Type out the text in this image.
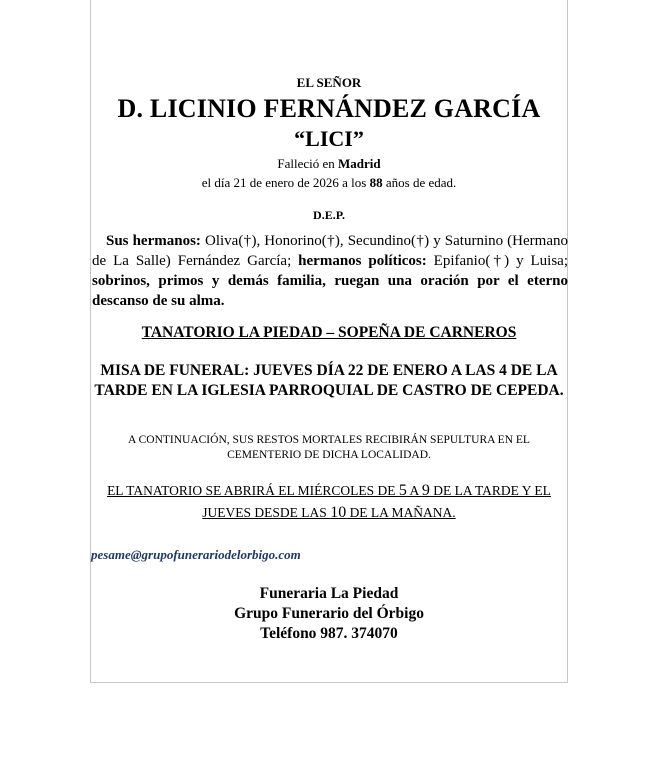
EL SEÑOR
D. LICINIO FERNÁNDEZ GARCÍA
“LICI”
Falleció en Madrid
el día 21 de enero de 2026 a los 88 años de edad.
D.E.P.
Sus hermanos: Oliva(†), Honorino(†), Secundino(†) y Saturnino (Hermano de La Salle) Fernández García; hermanos políticos: Epifanio(†) y Luisa; sobrinos, primos y demás familia, ruegan una oración por el eterno descanso de su alma.
TANATORIO LA PIEDAD – SOPEÑA DE CARNEROS
MISA DE FUNERAL: JUEVES DÍA 22 DE ENERO A LAS 4 DE LA TARDE EN LA IGLESIA PARROQUIAL DE CASTRO DE CEPEDA.
A CONTINUACIÓN, SUS RESTOS MORTALES RECIBIRÁN SEPULTURA EN EL CEMENTERIO DE DICHA LOCALIDAD.
EL TANATORIO SE ABRIRÁ EL MIÉRCOLES DE 5 A 9 DE LA TARDE Y EL JUEVES DESDE LAS 10 DE LA MAÑANA.
pesame@grupofunerariodelorbigo.com
Funeraria La Piedad
Grupo Funerario del Órbigo
Teléfono 987. 374070
